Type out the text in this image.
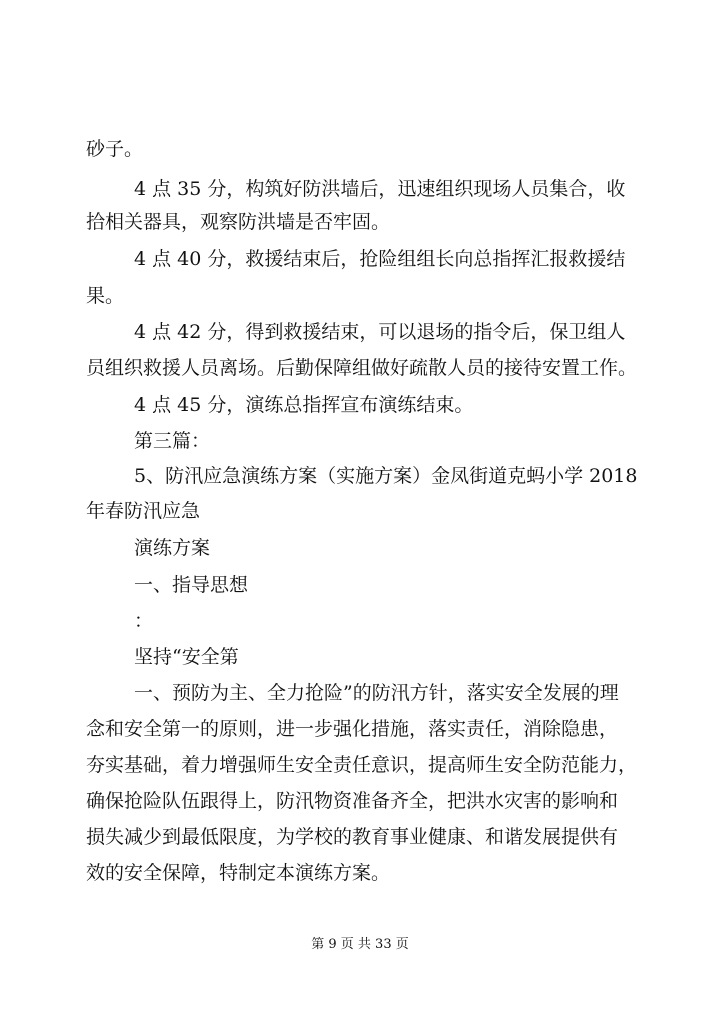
砂子。
4 点 35 分，构筑好防洪墙后，迅速组织现场人员集合，收
拾相关器具，观察防洪墙是否牢固。
4 点 40 分，救援结束后，抢险组组长向总指挥汇报救援结
果。
4 点 42 分，得到救援结束，可以退场的指令后，保卫组人
员组织救援人员离场。后勤保障组做好疏散人员的接待安置工作。
4 点 45 分，演练总指挥宣布演练结束。
第三篇：
5、防汛应急演练方案（实施方案）金凤街道克蚂小学 2018
年春防汛应急
演练方案
一、指导思想
：
坚持“安全第
一、预防为主、全力抢险”的防汛方针，落实安全发展的理
念和安全第一的原则，进一步强化措施，落实责任，消除隐患，
夯实基础，着力增强师生安全责任意识，提高师生安全防范能力，
确保抢险队伍跟得上，防汛物资准备齐全，把洪水灾害的影响和
损失减少到最低限度，为学校的教育事业健康、和谐发展提供有
效的安全保障，特制定本演练方案。
第 9 页 共 33 页
